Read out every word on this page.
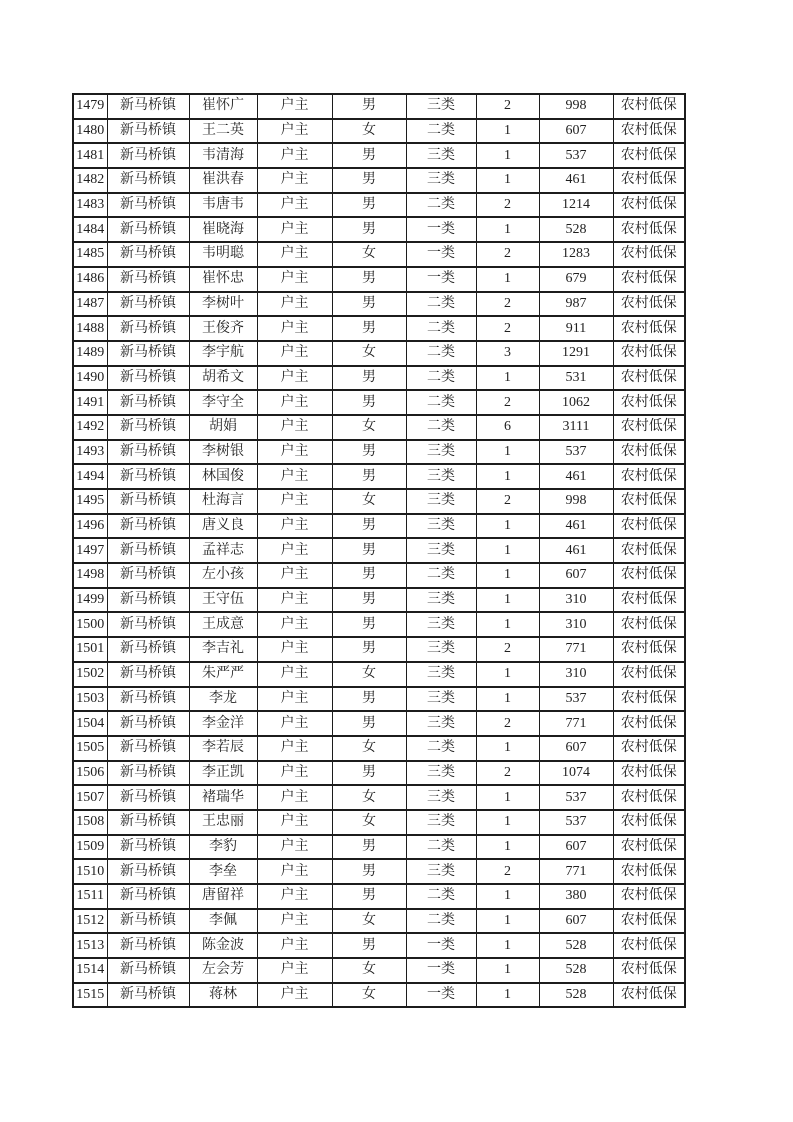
1479	新马桥镇	崔怀广	户主	男	三类	2	998	农村低保
1480	新马桥镇	王二英	户主	女	二类	1	607	农村低保
1481	新马桥镇	韦清海	户主	男	三类	1	537	农村低保
1482	新马桥镇	崔洪春	户主	男	三类	1	461	农村低保
1483	新马桥镇	韦唐韦	户主	男	二类	2	1214	农村低保
1484	新马桥镇	崔晓海	户主	男	一类	1	528	农村低保
1485	新马桥镇	韦明聪	户主	女	一类	2	1283	农村低保
1486	新马桥镇	崔怀忠	户主	男	一类	1	679	农村低保
1487	新马桥镇	李树叶	户主	男	二类	2	987	农村低保
1488	新马桥镇	王俊齐	户主	男	二类	2	911	农村低保
1489	新马桥镇	李宇航	户主	女	二类	3	1291	农村低保
1490	新马桥镇	胡希文	户主	男	二类	1	531	农村低保
1491	新马桥镇	李守全	户主	男	二类	2	1062	农村低保
1492	新马桥镇	胡娟	户主	女	二类	6	3111	农村低保
1493	新马桥镇	李树银	户主	男	三类	1	537	农村低保
1494	新马桥镇	林国俊	户主	男	三类	1	461	农村低保
1495	新马桥镇	杜海言	户主	女	三类	2	998	农村低保
1496	新马桥镇	唐义良	户主	男	三类	1	461	农村低保
1497	新马桥镇	孟祥志	户主	男	三类	1	461	农村低保
1498	新马桥镇	左小孩	户主	男	二类	1	607	农村低保
1499	新马桥镇	王守伍	户主	男	三类	1	310	农村低保
1500	新马桥镇	王成意	户主	男	三类	1	310	农村低保
1501	新马桥镇	李吉礼	户主	男	三类	2	771	农村低保
1502	新马桥镇	朱严严	户主	女	三类	1	310	农村低保
1503	新马桥镇	李龙	户主	男	三类	1	537	农村低保
1504	新马桥镇	李金洋	户主	男	三类	2	771	农村低保
1505	新马桥镇	李若辰	户主	女	二类	1	607	农村低保
1506	新马桥镇	李正凯	户主	男	三类	2	1074	农村低保
1507	新马桥镇	褚瑞华	户主	女	三类	1	537	农村低保
1508	新马桥镇	王忠丽	户主	女	三类	1	537	农村低保
1509	新马桥镇	李豹	户主	男	二类	1	607	农村低保
1510	新马桥镇	李垒	户主	男	三类	2	771	农村低保
1511	新马桥镇	唐留祥	户主	男	二类	1	380	农村低保
1512	新马桥镇	李佩	户主	女	二类	1	607	农村低保
1513	新马桥镇	陈金波	户主	男	一类	1	528	农村低保
1514	新马桥镇	左会芳	户主	女	一类	1	528	农村低保
1515	新马桥镇	蒋林	户主	女	一类	1	528	农村低保
